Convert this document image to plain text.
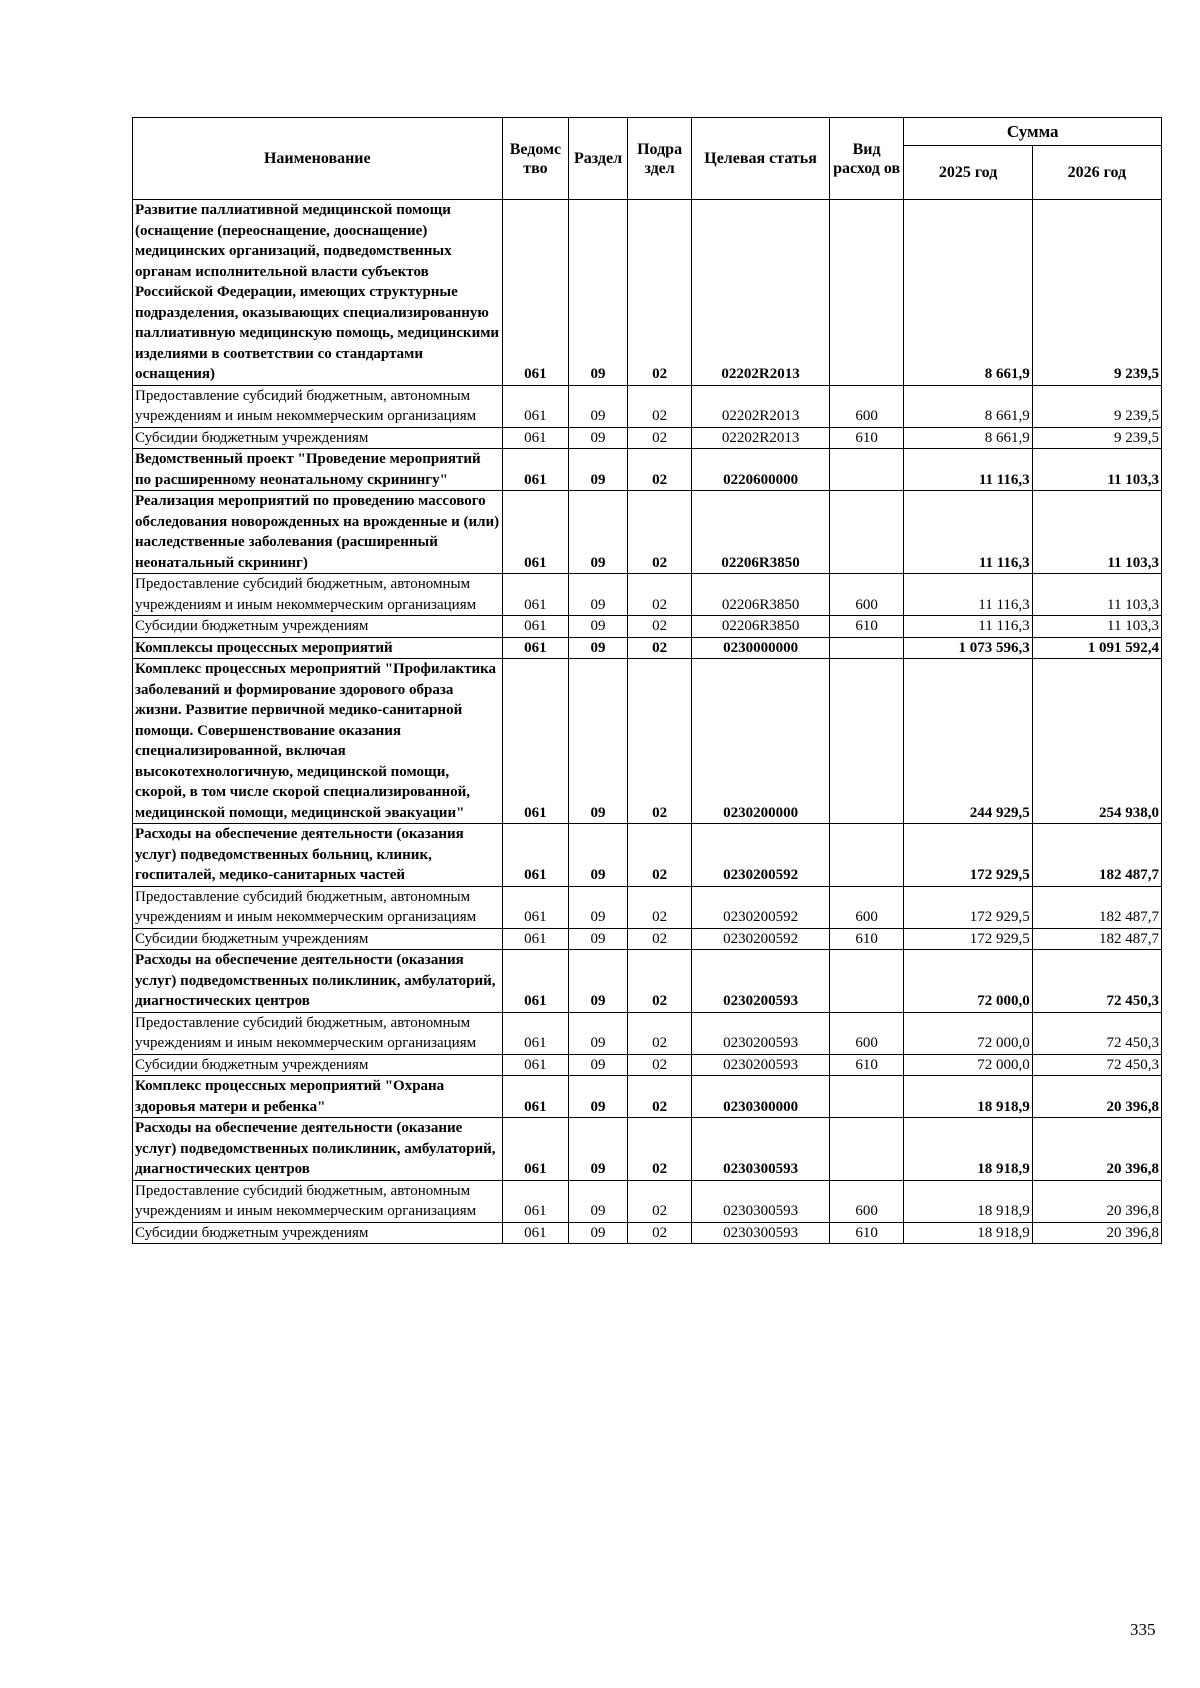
Наименование	Ведомс тво	Раздел	Подра здел	Целевая статья	Вид расход ов	Сумма	
						2025 год	2026 год
Развитие паллиативной медицинской помощи (оснащение (переоснащение, дооснащение) медицинских организаций, подведомственных органам исполнительной власти субъектов Российской Федерации, имеющих структурные подразделения, оказывающих специализированную паллиативную медицинскую помощь, медицинскими изделиями в соответствии со стандартами оснащения)	061	09	02	02202R2013		8 661,9	9 239,5
Предоставление субсидий бюджетным, автономным учреждениям и иным некоммерческим организациям	061	09	02	02202R2013	600	8 661,9	9 239,5
Субсидии бюджетным учреждениям	061	09	02	02202R2013	610	8 661,9	9 239,5
Ведомственный проект "Проведение мероприятий по расширенному неонатальному скринингу"	061	09	02	0220600000		11 116,3	11 103,3
Реализация мероприятий по проведению массового обследования новорожденных на врожденные и (или) наследственные заболевания (расширенный неонатальный скрининг)	061	09	02	02206R3850		11 116,3	11 103,3
Предоставление субсидий бюджетным, автономным учреждениям и иным некоммерческим организациям	061	09	02	02206R3850	600	11 116,3	11 103,3
Субсидии бюджетным учреждениям	061	09	02	02206R3850	610	11 116,3	11 103,3
Комплексы процессных мероприятий	061	09	02	0230000000		1 073 596,3	1 091 592,4
Комплекс процессных мероприятий "Профилактика заболеваний и формирование здорового образа жизни. Развитие первичной медико-санитарной помощи. Совершенствование оказания специализированной, включая высокотехнологичную, медицинской помощи, скорой, в том числе скорой специализированной, медицинской помощи, медицинской эвакуации"	061	09	02	0230200000		244 929,5	254 938,0
Расходы на обеспечение деятельности (оказания услуг) подведомственных больниц, клиник, госпиталей, медико-санитарных частей	061	09	02	0230200592		172 929,5	182 487,7
Предоставление субсидий бюджетным, автономным учреждениям и иным некоммерческим организациям	061	09	02	0230200592	600	172 929,5	182 487,7
Субсидии бюджетным учреждениям	061	09	02	0230200592	610	172 929,5	182 487,7
Расходы на обеспечение деятельности (оказания услуг) подведомственных поликлиник, амбулаторий, диагностических центров	061	09	02	0230200593		72 000,0	72 450,3
Предоставление субсидий бюджетным, автономным учреждениям и иным некоммерческим организациям	061	09	02	0230200593	600	72 000,0	72 450,3
Субсидии бюджетным учреждениям	061	09	02	0230200593	610	72 000,0	72 450,3
Комплекс процессных мероприятий "Охрана здоровья матери и ребенка"	061	09	02	0230300000		18 918,9	20 396,8
Расходы на обеспечение деятельности (оказание услуг) подведомственных поликлиник, амбулаторий, диагностических центров	061	09	02	0230300593		18 918,9	20 396,8
Предоставление субсидий бюджетным, автономным учреждениям и иным некоммерческим организациям	061	09	02	0230300593	600	18 918,9	20 396,8
Субсидии бюджетным учреждениям	061	09	02	0230300593	610	18 918,9	20 396,8
335
